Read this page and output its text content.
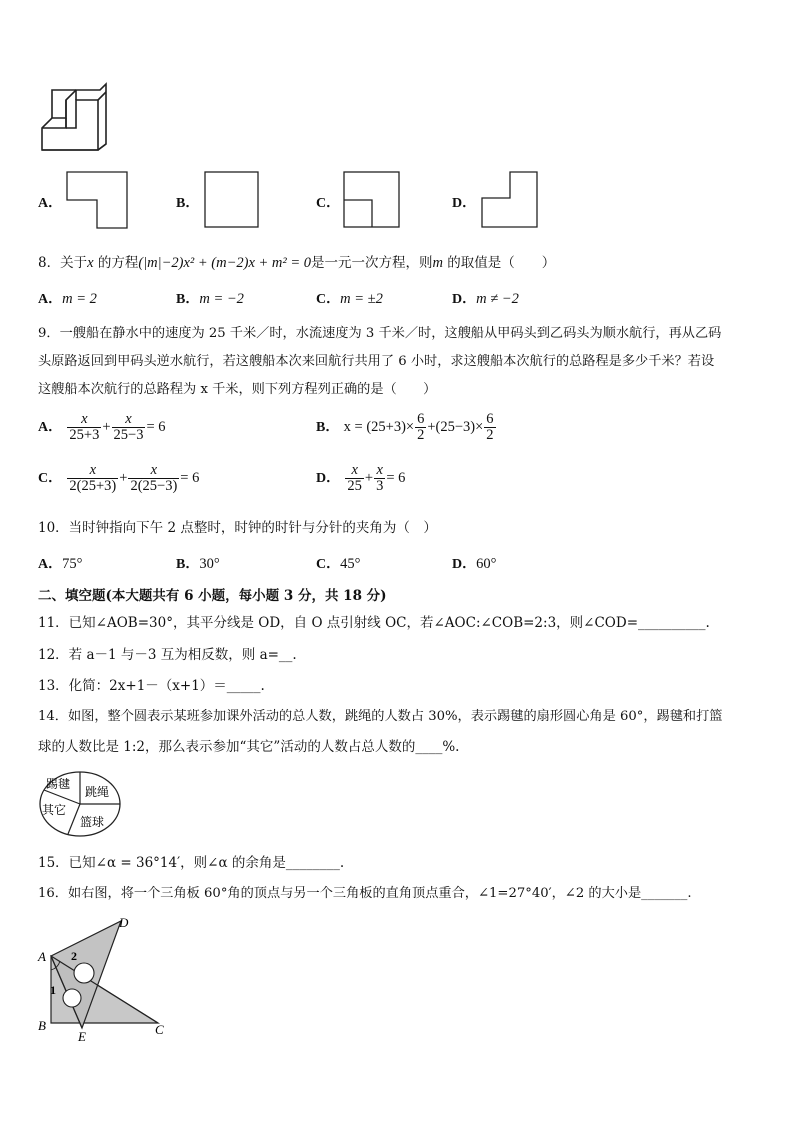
A．	B．	C．	D．
8．关于x 的方程(|m|−2)x² + (m−2)x + m² = 0是一元一次方程，则m 的取值是（　　）
A．m = 2	B．m = −2	C．m = ±2	D．m ≠ −2
9．一艘船在静水中的速度为 25 千米／时，水流速度为 3 千米／时，这艘船从甲码头到乙码头为顺水航行，再从乙码
头原路返回到甲码头逆水航行，若这艘船本次来回航行共用了 6 小时，求这艘船本次航行的总路程是多少千米？若设
这艘船本次航行的总路程为 x 千米，则下列方程列正确的是（　　）
A． $\frac{x}{25+3} + \frac{x}{25-3} = 6$	B． $x = (25+3)\times \frac{6}{2} +(25-3)\times \frac{6}{2}$
C． $\frac{x}{2(25+3)} + \frac{x}{2(25-3)} = 6$	D． $\frac{x}{25} + \frac{x}{3} = 6$
10．当时钟指向下午 2 点整时，时钟的时针与分针的夹角为（　）
A．75°	B．30°	C．45°	D．60°
二、填空题(本大题共有 6 小题，每小题 3 分，共 18 分)
11．已知∠AOB=30°，其平分线是 OD，自 O 点引射线 OC，若∠AOC:∠COB=2:3，则∠COD=__________.
12．若 a－1 与－3 互为相反数，则 a=__.
13．化简：2x+1－（x+1）＝_____.
14．如图，整个圆表示某班参加课外活动的总人数，跳绳的人数占 30%，表示踢毽的扇形圆心角是 60°，踢毽和打篮
球的人数比是 1:2，那么表示参加“其它”活动的人数占总人数的____%.
踢毽
跳绳
其它
篮球
15．已知∠α = 36°14′，则∠α 的余角是________.
16．如右图，将一个三角板 60°角的顶点与另一个三角板的直角顶点重合，∠1=27°40′，∠2 的大小是_______.
A
B	C
D
E
1
2
